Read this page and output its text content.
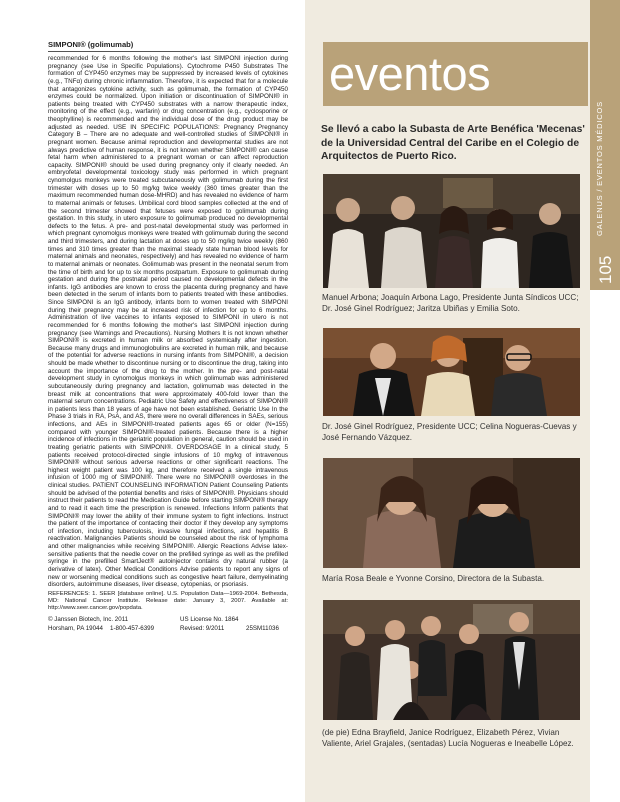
SIMPONI® (golimumab)

recommended for 6 months following the mother's last SIMPONI injection during pregnancy (see Use in Specific Populations). Cytochrome P450 Substrates The formation of CYP450 enzymes may be suppressed by increased levels of cytokines (e.g., TNFα) during chronic inflammation. Therefore, it is expected that for a molecule that antagonizes cytokine activity, such as golimumab, the formation of CYP450 enzymes could be normalized. Upon initiation or discontinuation of SIMPONI® in patients being treated with CYP450 substrates with a narrow therapeutic index, monitoring of the effect (e.g., warfarin) or drug concentration (e.g., cyclosporine or theophylline) is recommended and the individual dose of the drug product may be adjusted as needed. USE IN SPECIFIC POPULATIONS: Pregnancy Pregnancy Category B – There are no adequate and well-controlled studies of SIMPONI® in pregnant women. Because animal reproduction and developmental studies are not always predictive of human response, it is not known whether SIMPONI® can cause fetal harm when administered to a pregnant woman or can affect reproduction capacity. SIMPONI® should be used during pregnancy only if clearly needed. An embryofetal developmental toxicology study was performed in which pregnant cynomolgus monkeys were treated subcutaneously with golimumab during the first trimester with doses up to 50 mg/kg twice weekly (360 times greater than the maximum recommended human dose-MHRD) and has revealed no evidence of harm to maternal animals or fetuses. Umbilical cord blood samples collected at the end of the second trimester showed that fetuses were exposed to golimumab during gestation. In this study, in utero exposure to golimumab produced no developmental defects to the fetus. A pre- and post-natal developmental study was performed in which pregnant cynomolgus monkeys were treated with golimumab during the second and third trimesters, and during lactation at doses up to 50 mg/kg twice weekly (860 times and 310 times greater than the maximal steady state human blood levels for maternal animals and neonates, respectively) and has revealed no evidence of harm to maternal animals or neonates. Golimumab was present in the neonatal serum from the time of birth and for up to six months postpartum. Exposure to golimumab during gestation and during the postnatal period caused no developmental defects in the infants. IgG antibodies are known to cross the placenta during pregnancy and have been detected in the serum of infants born to patients treated with these antibodies. Since SIMPONI is an IgG antibody, infants born to women treated with SIMPONI during their pregnancy may be at increased risk of infection for up to 6 months. Administration of live vaccines to infants exposed to SIMPONI in utero is not recommended for 6 months following the mother's last SIMPONI injection during pregnancy (see Warnings and Precautions). Nursing Mothers It is not known whether SIMPONI® is excreted in human milk or absorbed systemically after ingestion. Because many drugs and immunoglobulins are excreted in human milk, and because of the potential for adverse reactions in nursing infants from SIMPONI®, a decision should be made whether to discontinue nursing or to discontinue the drug, taking into account the importance of the drug to the mother. In the pre- and post-natal development study in cynomolgus monkeys in which golimumab was administered subcutaneously during pregnancy and lactation, golimumab was detected in the breast milk at concentrations that were approximately 400-fold lower than the maternal serum concentrations. Pediatric Use Safety and effectiveness of SIMPONI® in patients less than 18 years of age have not been established. Geriatric Use In the Phase 3 trials in RA, PsA, and AS, there were no overall differences in SAEs, serious infections, and AEs in SIMPONI®-treated patients ages 65 or older (N=155) compared with younger SIMPONI®-treated patients. Because there is a higher incidence of infections in the geriatric population in general, caution should be used in treating geriatric patients with SIMPONI®. OVERDOSAGE In a clinical study, 5 patients received protocol-directed single infusions of 10 mg/kg of intravenous SIMPONI® without serious adverse reactions or other significant reactions. The highest weight patient was 100 kg, and therefore received a single intravenous infusion of 1000 mg of SIMPONI®. There were no SIMPONI® overdoses in the clinical studies. PATIENT COUNSELING INFORMATION Patient Counseling Patients should be advised of the potential benefits and risks of SIMPONI®. Physicians should instruct their patients to read the Medication Guide before starting SIMPONI® therapy and to read it each time the prescription is renewed. Infections Inform patients that SIMPONI® may lower the ability of their immune system to fight infections. Instruct the patient of the importance of contacting their doctor if they develop any symptoms of infection, including tuberculosis, invasive fungal infections, and hepatitis B reactivation. Malignancies Patients should be counseled about the risk of lymphoma and other malignancies while receiving SIMPONI®. Allergic Reactions Advise latex-sensitive patients that the needle cover on the prefilled syringe as well as the prefilled syringe in the prefilled SmartJect® autoinjector contains dry natural rubber (a derivative of latex). Other Medical Conditions Advise patients to report any signs of new or worsening medical conditions such as congestive heart failure, demyelinating disorders, autoimmune diseases, liver disease, cytopenias, or psoriasis.

REFERENCES: 1. SEER [database online]. U.S. Population Data—1969-2004. Bethesda, MD: National Cancer Institute. Release date: January 3, 2007. Available at: http://www.seer.cancer.gov/popdata.
© Janssen Biotech, Inc. 2011	US License No. 1864
Horsham, PA 19044	1-800-457-6399	Revised: 9/2011	25SM11036
eventos
Se llevó a cabo la Subasta de Arte Benéfica 'Mecenas' de la Universidad Central del Caribe en el Colegio de Arquitectos de Puerto Rico.
Manuel Arbona; Joaquín Arbona Lago, Presidente Junta Síndicos UCC; Dr. José Ginel Rodríguez; Jaritza Ubiñas y Emilia Soto.
Dr. José Ginel Rodríguez, Presidente UCC; Celina Nogueras-Cuevas y José Fernando Vázquez.
María Rosa Beale e Yvonne Corsino, Directora de la Subasta.
(de pie) Edna Brayfield, Janice Rodríguez, Elizabeth Pérez, Vivian Valiente, Ariel Grajales, (sentadas) Lucía Nogueras e Ineabelle López.
GALENUS / EVENTOS MÉDICOS
105
